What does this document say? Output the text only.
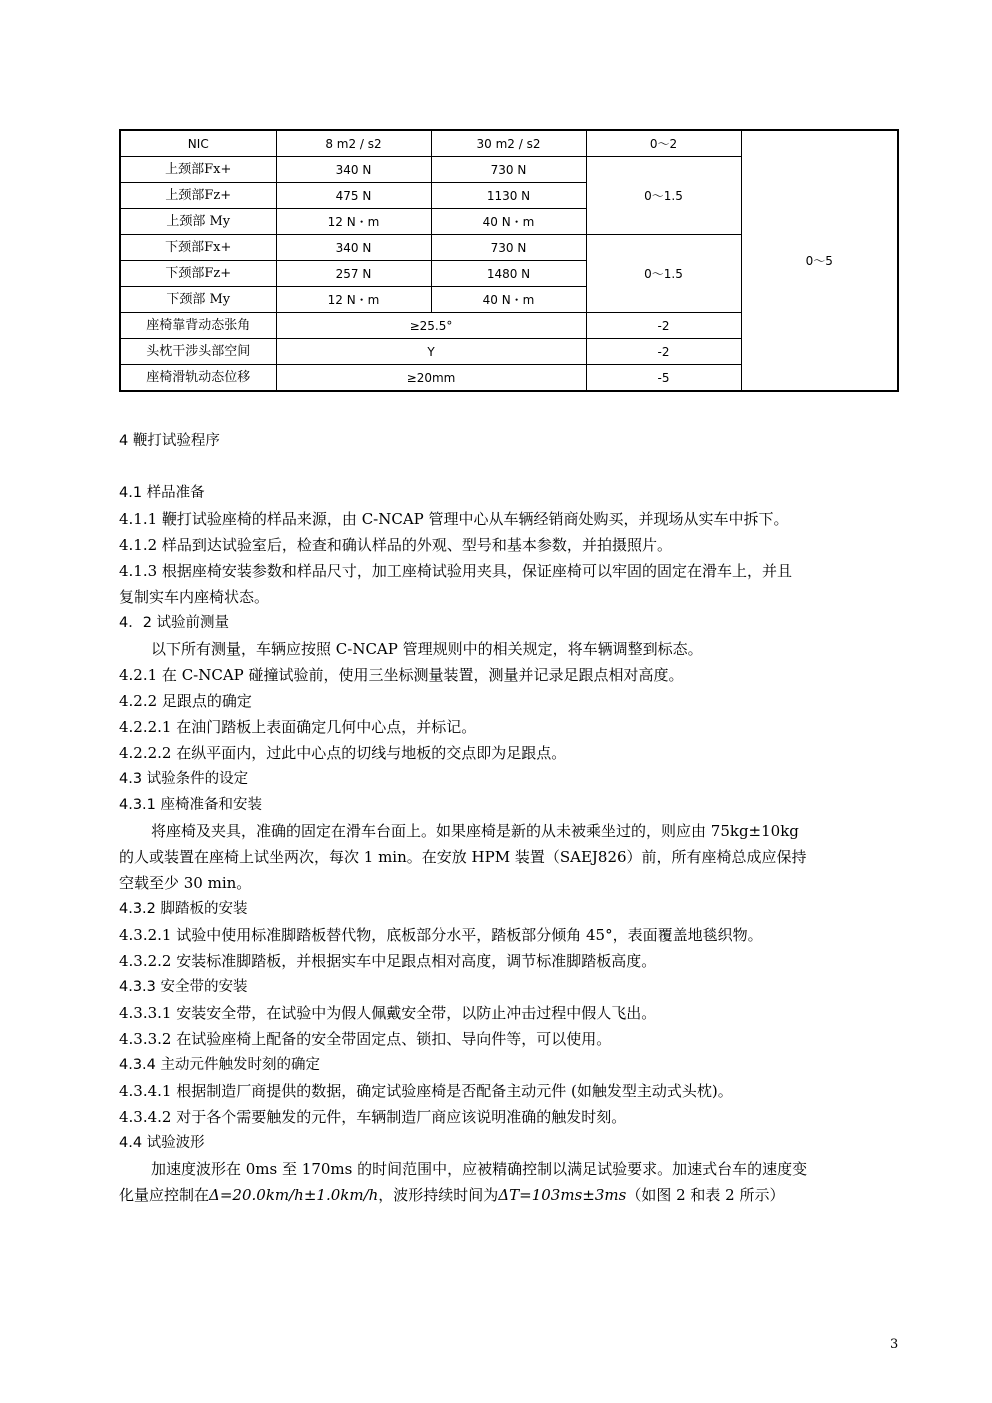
NIC	8 m2 / s2	30 m2 / s2	0～2	0～5
上颈部Fx+	340 N	730 N	0～1.5	
上颈部Fz+	475 N	1130 N		
上颈部 My	12 N・m	40 N・m		
下颈部Fx+	340 N	730 N	0～1.5	
下颈部Fz+	257 N	1480 N		
下颈部 My	12 N・m	40 N・m		
座椅靠背动态张角	≥25.5°		-2	
头枕干涉头部空间	Y		-2	
座椅滑轨动态位移	≥20mm		-5	
4 鞭打试验程序
4.1 样品准备
4.1.1 鞭打试验座椅的样品来源，由 C-NCAP 管理中心从车辆经销商处购买，并现场从实车中拆下。
4.1.2 样品到达试验室后，检查和确认样品的外观、型号和基本参数，并拍摄照片。
4.1.3 根据座椅安装参数和样品尺寸，加工座椅试验用夹具，保证座椅可以牢固的固定在滑车上，并且
复制实车内座椅状态。
4．2 试验前测量
以下所有测量，车辆应按照 C-NCAP 管理规则中的相关规定，将车辆调整到标态。
4.2.1 在 C-NCAP 碰撞试验前，使用三坐标测量装置，测量并记录足跟点相对高度。
4.2.2 足跟点的确定
4.2.2.1 在油门踏板上表面确定几何中心点，并标记。
4.2.2.2 在纵平面内，过此中心点的切线与地板的交点即为足跟点。
4.3 试验条件的设定
4.3.1 座椅准备和安装
将座椅及夹具，准确的固定在滑车台面上。如果座椅是新的从未被乘坐过的，则应由 75kg±10kg
的人或装置在座椅上试坐两次，每次 1 min。在安放 HPM 装置（SAEJ826）前，所有座椅总成应保持
空载至少 30 min。
4.3.2 脚踏板的安装
4.3.2.1 试验中使用标准脚踏板替代物，底板部分水平，踏板部分倾角 45°，表面覆盖地毯织物。
4.3.2.2 安装标准脚踏板，并根据实车中足跟点相对高度，调节标准脚踏板高度。
4.3.3 安全带的安装
4.3.3.1 安装安全带，在试验中为假人佩戴安全带，以防止冲击过程中假人飞出。
4.3.3.2 在试验座椅上配备的安全带固定点、锁扣、导向件等，可以使用。
4.3.4 主动元件触发时刻的确定
4.3.4.1 根据制造厂商提供的数据，确定试验座椅是否配备主动元件 (如触发型主动式头枕)。
4.3.4.2 对于各个需要触发的元件，车辆制造厂商应该说明准确的触发时刻。
4.4 试验波形
加速度波形在 0ms 至 170ms 的时间范围中，应被精确控制以满足试验要求。加速式台车的速度变
化量应控制在Δ=20.0km/h±1.0km/h，波形持续时间为ΔT=103ms±3ms（如图 2 和表 2 所示）
3
